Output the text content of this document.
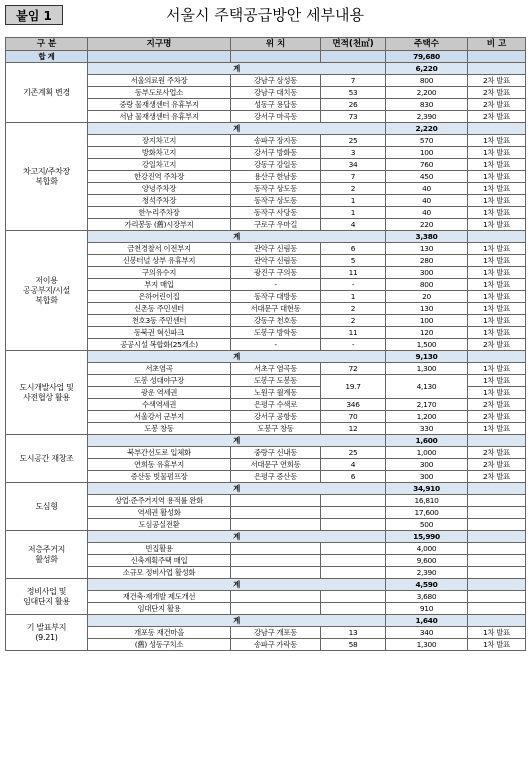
붙임 1	서울시 주택공급방안 세부내용
구 분	지구명	위 치	면적(천㎡)	주택수	비 고
합 계				79,680	
기존계획 변경	계			6,220	
	서울의료원 주차장	강남구 삼성동	7	800	2차 발표
	동부도로사업소	강남구 대치동	53	2,200	2차 발표
	중랑 물재생센터 유휴부지	성동구 용답동	26	830	2차 발표
	서남 물재생센터 유휴부지	강서구 마곡동	73	2,390	2차 발표
차고지/주차장
복합화	계			2,220	
	장지차고지	송파구 장지동	25	570	1차 발표
	방화차고지	강서구 방화동	3	100	1차 발표
	강일차고지	강동구 강일동	34	760	1차 발표
	한강진역 주차장	용산구 한남동	7	450	1차 발표
	양녕주차장	동작구 상도동	2	40	1차 발표
	청석주차장	동작구 상도동	1	40	1차 발표
	한누리주차장	동작구 사당동	1	40	1차 발표
	가리봉동 (舊)시장부지	구로구 우마길	4	220	1차 발표
저이용
공공부지/시설
복합화	계			3,380	
	금천경찰서 이전부지	관악구 신림동	6	130	1차 발표
	신봉터널 상부 유휴부지	관악구 신림동	5	280	1차 발표
	구의유수지	광진구 구의동	11	300	1차 발표
	부지 매입	-	-	800	1차 발표
	은하어린이집	동작구 대방동	1	20	1차 발표
	신촌동 주민센터	서대문구 대현동	2	130	1차 발표
	천호3동 주민센터	강동구 천호동	2	100	1차 발표
	동북권 혁신파크	도봉구 방학동	11	120	1차 발표
	공공시설 복합화(25개소)	-	-	1,500	2차 발표
도시개발사업 및
사전협상 활용	계			9,130	
	서초염곡	서초구 염곡동	72	1,300	1차 발표
	도봉 성대야구장	도봉구 도봉동	19.7	4,130	1차 발표
	광운 역세권	노원구 월계동			1차 발표
	수색역세권	은평구 수색로	346	2,170	2차 발표
	서울강서 군부지	강서구 공항동	70	1,200	2차 발표
	도봉 창동	도봉구 창동	12	330	1차 발표
도시공간 재창조	계			1,600	
	북부간선도로 입체화	중랑구 신내동	25	1,000	2차 발표
	연희동 유휴부지	서대문구 연희동	4	300	2차 발표
	증산동 빗물펌프장	은평구 증산동	6	300	2차 발표
도심형	계			34,910	
	상업·준주거지역 용적률 완화			16,810	
	역세권 활성화			17,600	
	도심공실전환			500	
저층주거지
활성화	계			15,990	
	빈집활용			4,000	
	신축계획주택 매입			9,600	
	소규모 정비사업 활성화			2,390	
정비사업 및
임대단지 활용	계			4,590	
	재건축·재개발 제도개선			3,680	
	임대단지 활용			910	
기 발표부지
(9.21)	계			1,640	
	개포동 재건마을	강남구 개포동	13	340	1차 발표
	(舊) 성동구치소	송파구 가락동	58	1,300	1차 발표
